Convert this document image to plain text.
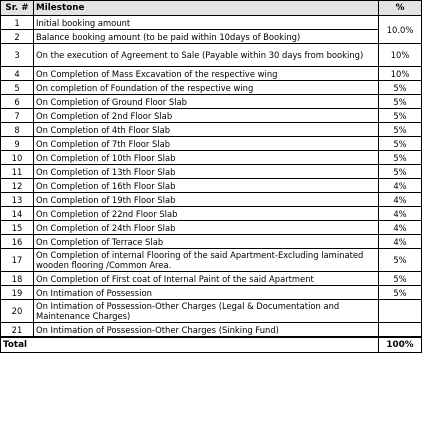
Sr. #	Milestone	%
1	Initial booking amount	10.0%
2	Balance booking amount (to be paid within 10days of Booking)	
3	On the execution of Agreement to Sale (Payable within 30 days from booking)	10%
4	On Completion of Mass Excavation of the respective wing	10%
5	On completion of Foundation of the respective wing	5%
6	On Completion of Ground Floor Slab	5%
7	On Completion of 2nd Floor Slab	5%
8	On Completion of 4th Floor Slab	5%
9	On Completion of 7th Floor Slab	5%
10	On Completion of 10th Floor Slab	5%
11	On Completion of 13th Floor Slab	5%
12	On Completion of 16th Floor Slab	4%
13	On Completion of 19th Floor Slab	4%
14	On Completion of 22nd Floor Slab	4%
15	On Completion of 24th Floor Slab	4%
16	On Completion of Terrace Slab	4%
17	On Completion of internal Flooring of the said Apartment-Excluding laminated wooden flooring /Common Area.	5%
18	On Completion of First coat of Internal Paint of the said Apartment	5%
19	On Intimation of Possession	5%
20	On Intimation of Possession-Other Charges (Legal & Documentation and Maintenance Charges)	
21	On Intimation of Possession-Other Charges (Sinking Fund)	
Total		100%
